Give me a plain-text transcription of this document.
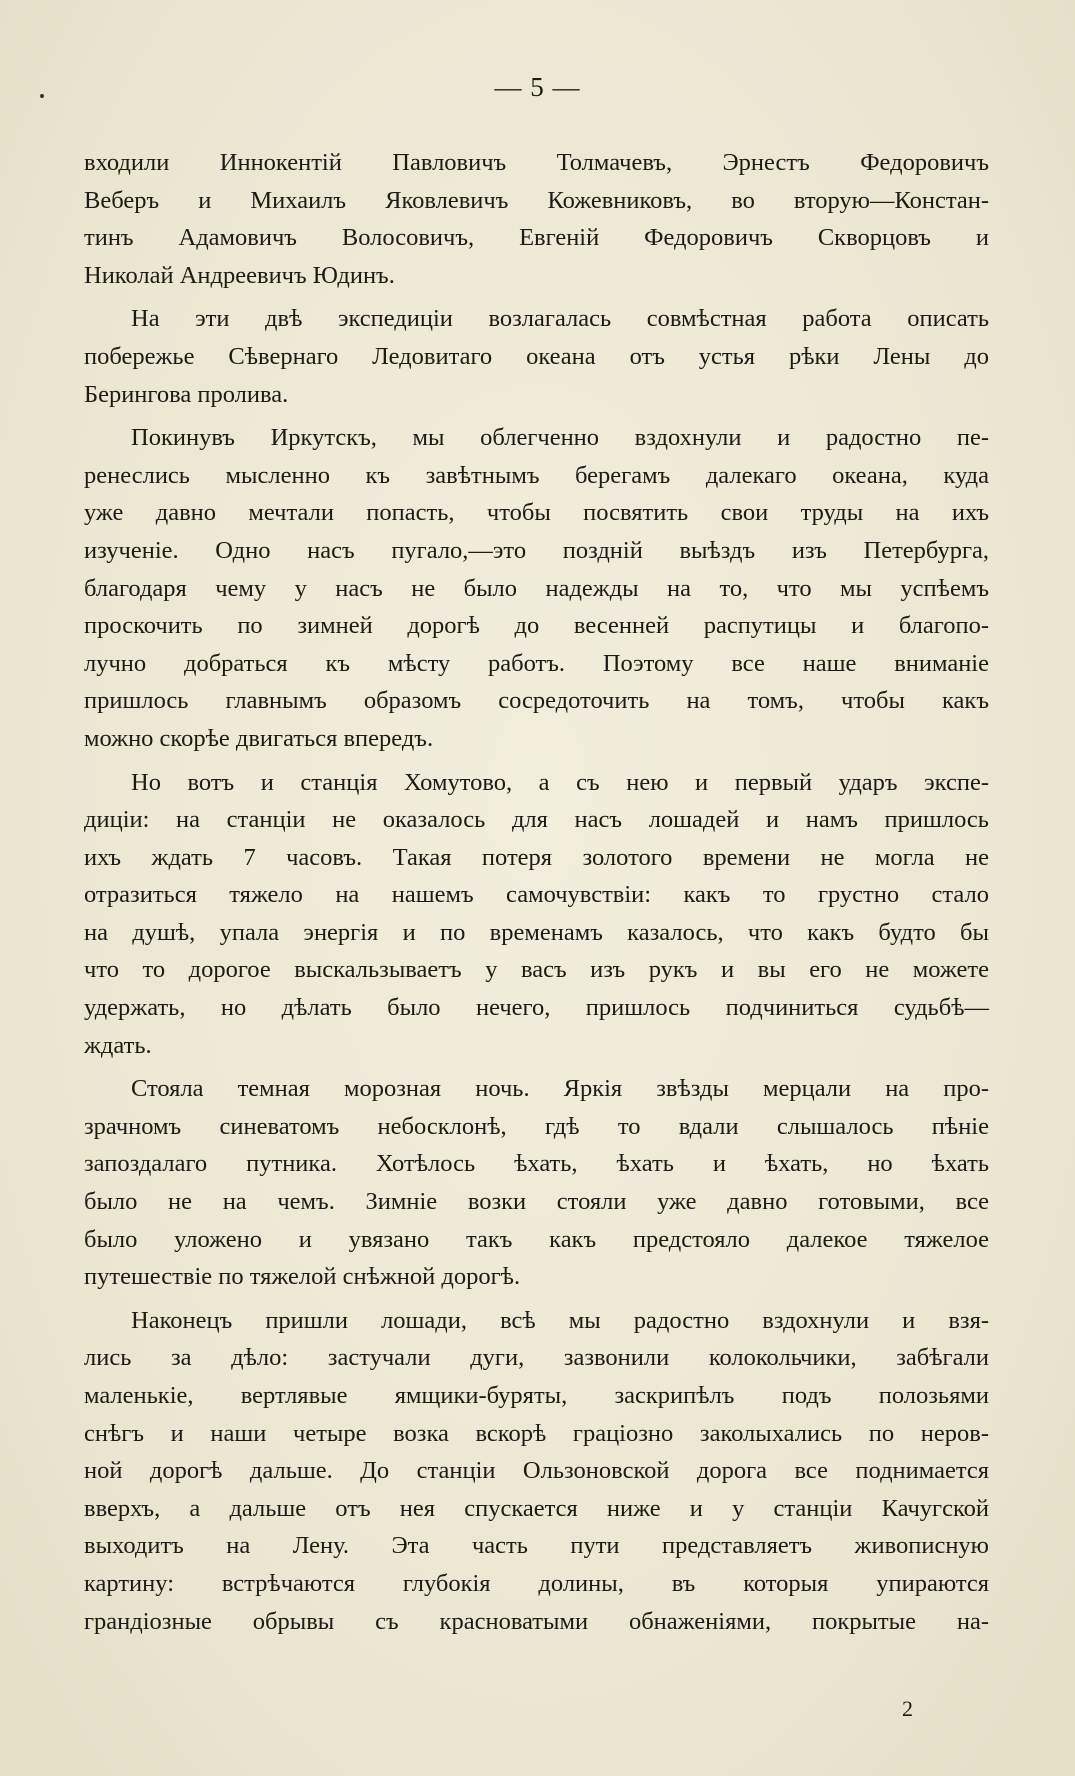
— 5 —
входили Иннокентій Павловичъ Толмачевъ, Эрнестъ Федоровичъ
Веберъ и Михаилъ Яковлевичъ Кожевниковъ, во вторую—Констан-
тинъ Адамовичъ Волосовичъ, Евгеній Федоровичъ Скворцовъ и
Николай Андреевичъ Юдинъ.
На эти двѣ экспедиціи возлагалась совмѣстная работа описать
побережье Сѣвернаго Ледовитаго океана отъ устья рѣки Лены до
Берингова пролива.
Покинувъ Иркутскъ, мы облегченно вздохнули и радостно пе-
ренеслись мысленно къ завѣтнымъ берегамъ далекаго океана, куда
уже давно мечтали попасть, чтобы посвятить свои труды на ихъ
изученіе. Одно насъ пугало,—это поздній выѣздъ изъ Петербурга,
благодаря чему у насъ не было надежды на то, что мы успѣемъ
проскочить по зимней дорогѣ до весенней распутицы и благопо-
лучно добраться къ мѣсту работъ. Поэтому все наше вниманіе
пришлось главнымъ образомъ сосредоточить на томъ, чтобы какъ
можно скорѣе двигаться впередъ.
Но вотъ и станція Хомутово, а съ нею и первый ударъ экспе-
диціи: на станціи не оказалось для насъ лошадей и намъ пришлось
ихъ ждать 7 часовъ. Такая потеря золотого времени не могла не
отразиться тяжело на нашемъ самочувствіи: какъ то грустно стало
на душѣ, упала энергія и по временамъ казалось, что какъ будто бы
что то дорогое выскальзываетъ у васъ изъ рукъ и вы его не можете
удержать, но дѣлать было нечего, пришлось подчиниться судьбѣ—
ждать.
Стояла темная морозная ночь. Яркія звѣзды мерцали на про-
зрачномъ синеватомъ небосклонѣ, гдѣ то вдали слышалось пѣніе
запоздалаго путника. Хотѣлось ѣхать, ѣхать и ѣхать, но ѣхать
было не на чемъ. Зимніе возки стояли уже давно готовыми, все
было уложено и увязано такъ какъ предстояло далекое тяжелое
путешествіе по тяжелой снѣжной дорогѣ.
Наконецъ пришли лошади, всѣ мы радостно вздохнули и взя-
лись за дѣло: застучали дуги, зазвонили колокольчики, забѣгали
маленькіе, вертлявые ямщики-буряты, заскрипѣлъ подъ полозьями
снѣгъ и наши четыре возка вскорѣ граціозно заколыхались по неров-
ной дорогѣ дальше. До станціи Ользоновской дорога все поднимается
вверхъ, а дальше отъ нея спускается ниже и у станціи Качугской
выходитъ на Лену. Эта часть пути представляетъ живописную
картину: встрѣчаются глубокія долины, въ которыя упираются
грандіозные обрывы съ красноватыми обнаженіями, покрытые на-
2
